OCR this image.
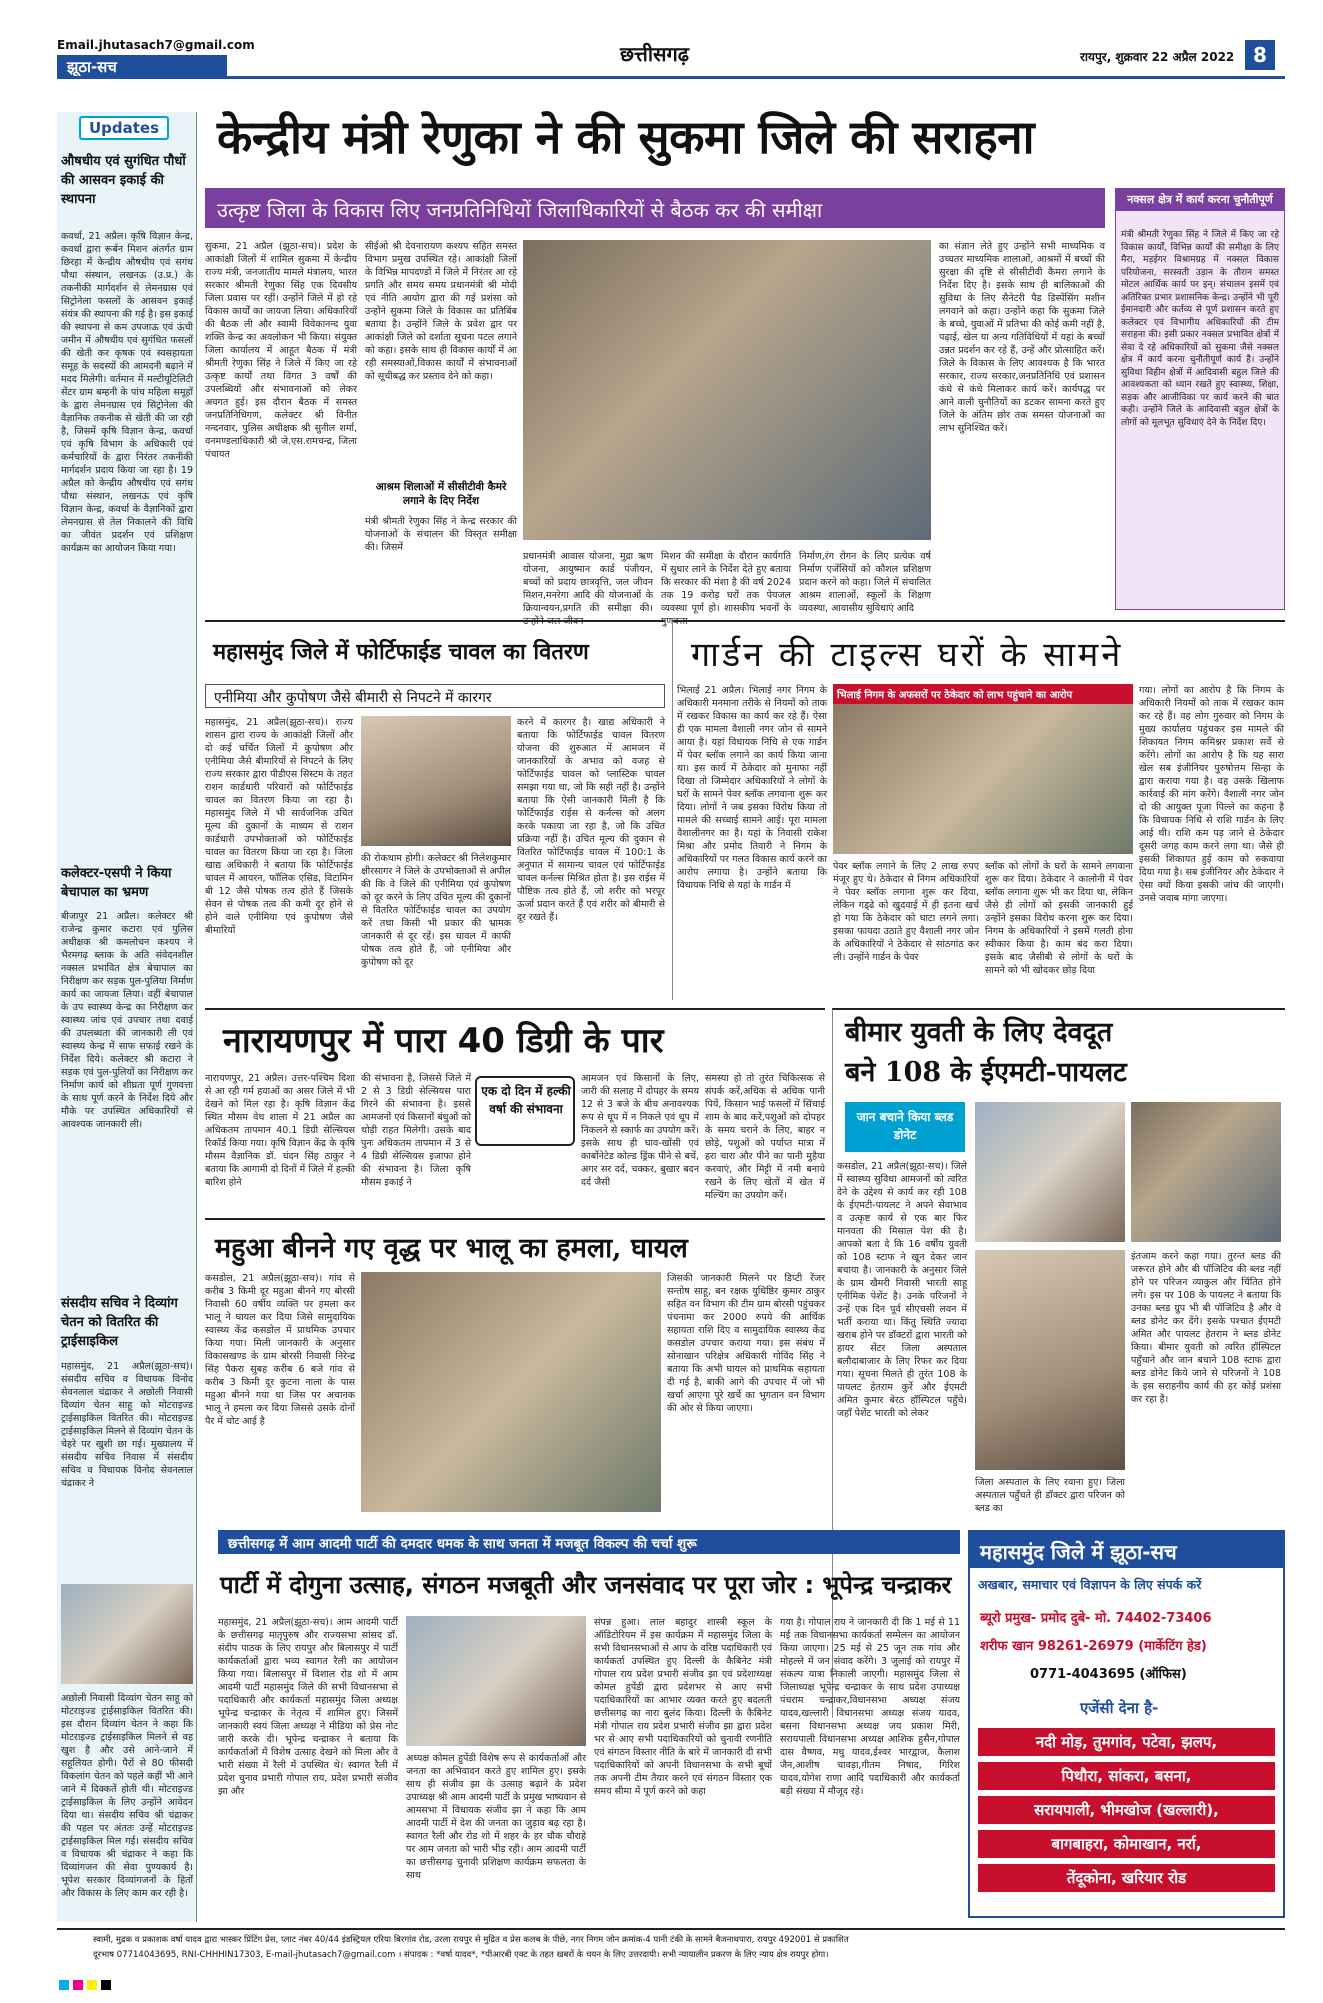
Email.jhutasach7@gmail.com
झूठा-सच
छत्तीसगढ़	रायपुर, शुक्रवार 22 अप्रैल 2022 8
Updates
औषधीय एवं सुगंधित पौधों की आसवन इकाई की स्थापना
कवर्धा, 21 अप्रैल। कृषि विज्ञान केन्द्र, कवर्धा द्वारा रूर्बन मिशन अंतर्गत ग्राम छिरहा में केन्द्रीय औषधीय एवं सगंध पौधा संस्थान, लखनऊ (उ.प्र.) के तकनीकी मार्गदर्शन से लेमनग्रास एवं सिट्रोनेला फसलों के आसवन इकाई संयंत्र की स्थापना की गई है। इस इकाई की स्थापना से कम उपजाऊ एवं ऊंची जमीन में औषधीय एवं सुगंधित फसलों की खेती कर कृषक एवं स्वसहायता समूह के सदस्यों की आमदनी बढ़ाने में मदद मिलेगी। वर्तमान में मल्टीयूटिलिटी सेंटर ग्राम बम्हनी के पांच महिला समूहों के द्वारा लेमनग्रास एवं सिट्रोनेला की वैज्ञानिक तकनीक से खेती की जा रही है, जिसमें कृषि विज्ञान केन्द्र, कवर्धा एवं कृषि विभाग के अधिकारी एवं कर्मचारियों के द्वारा निरंतर तकनीकी मार्गदर्शन प्रदाय किया जा रहा है। 19 अप्रैल को केन्द्रीय औषधीय एवं सगंध पौधा संस्थान, लखनऊ एवं कृषि विज्ञान केन्द्र, कवर्धा के वैज्ञानिकों द्वारा लेमनग्रास से तेल निकालने की विधि का जीवंत प्रदर्शन एवं प्रशिक्षण कार्यक्रम का आयोजन किया गया।
कलेक्टर-एसपी ने किया बेचापाल का भ्रमण
बीजापुर 21 अप्रैल। कलेक्टर श्री राजेन्द्र कुमार कटारा एवं पुलिस अधीक्षक श्री कमलोचन कश्यप ने भैरमगढ़ ब्लाक के अति संवेदनशील नक्सल प्रभावित क्षेत्र बेचापाल का निरीक्षण कर सड़क पुल-पुलिया निर्माण कार्य का जायजा लिया। वहीं बेचापाल के उप स्वास्थ्य केन्द्र का निरीक्षण कर स्वास्थ्य जांच एवं उपचार तथा दवाई की उपलब्धता की जानकारी ली एवं स्वास्थ्य केन्द्र में साफ सफाई रखने के निर्देश दिये। कलेक्टर श्री कटारा ने सड़क एवं पुल-पुलियों का निरीक्षण कर निर्माण कार्य को शीघ्रता पूर्ण गुणवत्ता के साथ पूर्ण करने के निर्देश दिये और मौके पर उपस्थित अधिकारियों से आवश्यक जानकारी ली।
संसदीय सचिव ने दिव्यांग चेतन को वितरित की ट्राईसाइकिल
महासमुंद, 21 अप्रैल(झूठा-सच)। संसदीय सचिव व विधायक विनोद सेवनलाल चंद्राकर ने अछोली निवासी दिव्यांग चेतन साहू को मोटराइज्ड ट्राईसाइकिल वितरित की। मोटराइज्ड ट्राईसाइकिल मिलने से दिव्यांग चेतन के चेहरे पर खुशी छा गई। मुख्यालय में संसदीय सचिव निवास में संसदीय सचिव व विधायक विनोद सेवनलाल चंद्राकर ने
अछोली निवासी दिव्यांग चेतन साहू को मोटराइज्ड ट्राईसाइकिल वितरित की। इस दौरान दिव्यांग चेतन ने कहा कि मोटराइज्ड ट्राईसाइकिल मिलने से वह खुश है और उसे आने-जाने में सहूलियत होगी। पैरों से 80 फीसदी विकलांग चेतन को पहले कहीं भी आने जाने में दिक्कतें होती थी। मोटराइज्ड ट्राईसाइकिल के लिए उन्होंने आवेदन दिया था। संसदीय सचिव श्री चंद्राकर की पहल पर अंततः उन्हें मोटराइज्ड ट्राईसाइकिल मिल गई। संसदीय सचिव व विधायक श्री चंद्राकर ने कहा कि दिव्यांगजन की सेवा पुण्यकार्य है। भूपेश सरकार दिव्यांगजनों के हितों और विकास के लिए काम कर रही है।
केन्द्रीय मंत्री रेणुका ने की सुकमा जिले की सराहना
उत्कृष्ट जिला के विकास लिए जनप्रतिनिधियों जिलाधिकारियों से बैठक कर की समीक्षा
सुकमा, 21 अप्रैल (झूठा-सच)। प्रदेश के आकांक्षी जिलों में शामिल सुकमा में केन्द्रीय राज्य मंत्री, जनजातीय मामले मंत्रालय, भारत सरकार श्रीमती रेणुका सिंह एक दिवसीय जिला प्रवास पर रहीं। उन्होंने जिले में हो रहे विकास कार्यों का जायजा लिया। अधिकारियों की बैठक ली और स्वामी विवेकानन्द युवा शक्ति केन्द्र का अवलोकन भी किया। संयुक्त जिला कार्यालय में आहूत बैठक में मंत्री श्रीमती रेणुका सिंह ने जिले में किए जा रहे उत्कृष्ट कार्यों तथा विगत 3 वर्षों की उपलब्धियों और संभावनाओं को लेकर अवगत हुई। इस दौरान बैठक में समस्त जनप्रतिनिधिगण, कलेक्टर श्री विनीत नन्दनवार, पुलिस अधीक्षक श्री सुनील शर्मा, वनमण्डलाधिकारी श्री जे.एस.रामचन्द्र, जिला पंचायत
सीईओ श्री देवनारायण कश्यप सहित समस्त विभाग प्रमुख उपस्थित रहे। आकांक्षी जिलों के विभिन्न मापदण्डों में जिले में निरंतर आ रहे प्रगति और समय समय प्रधानमंत्री श्री मोदी एवं नीति आयोग द्वारा की गई प्रशंसा को उन्होंने सुकमा जिले के विकास का प्रतिबिंब बताया है। उन्होंने जिले के प्रवेश द्वार पर आकांक्षी जिले को दर्शाता सूचना पटल लगाने को कहा। इसके साथ ही विकास कार्यों में आ रही समस्याओं,विकास कार्यों में संभावनाओं को सूचीबद्ध कर प्रस्ताव देने को कहा।
आश्रम शिलाओं में सीसीटीवी कैमरे लगाने के दिए निर्देश
मंत्री श्रीमती रेणुका सिंह ने केन्द्र सरकार की योजनाओं के संचालन की विस्तृत समीक्षा की। जिसमें
प्रधानमंत्री आवास योजना, मुद्रा ऋण योजना, आयुष्मान कार्ड पंजीयन, बच्चों को प्रदाय छात्रवृत्ति, जल जीवन मिशन,मनरेगा आदि की योजनाओं के क्रियान्वयन,प्रगति की समीक्षा की। उन्होंने जल जीवन
मिशन की समीक्षा के दौरान कार्यगति में सुधार लाने के निर्देश देते हुए बताया कि सरकार की मंशा है की वर्ष 2024 तक 19 करोड़ घरों तक पेयजल व्यवस्था पूर्ण हो। शासकीय भवनों के गुणवत्ता
निर्माण,रंग रोगन के लिए प्रत्येक वर्ष निर्माण एजेंसियों को कौशल प्रशिक्षण प्रदान करने को कहा। जिले में संचालित आश्रम शालाओं, स्कूलों के शिक्षण व्यवस्था, आवासीय सुविधाएं आदि
का संज्ञान लेते हुए उन्होंने सभी माध्यमिक व उच्चतर माध्यमिक शालाओं, आश्रमों में बच्चों की सुरक्षा की दृष्टि से सीसीटीवी कैमरा लगाने के निर्देश दिए है। इसके साथ ही बालिकाओं की सुविधा के लिए सैनेटरी पैड डिस्पेंसिंग मशीन लगवाने को कहा। उन्होंने कहा कि सुकमा जिले के बच्चे, युवाओं में प्रतिभा की कोई कमी नहीं है, पढ़ाई, खेल या अन्य गतिविधियों में यहां के बच्चों उन्नत प्रदर्शन कर रहे हैं, उन्हें और प्रोत्साहित करें। जिले के विकास के लिए आवश्यक है कि भारत सरकार, राज्य सरकार,जनप्रतिनिधि एवं प्रशासन कंधे से कंधे मिलाकर कार्य करें। कार्यपद्ध पर आने वाली चुनौतियों का डटकर सामना करते हुए जिले के अंतिम छोर तक समस्त योजनाओं का लाभ सुनिश्चित करें।
नक्सल क्षेत्र में कार्य करना चुनौतीपूर्ण
मंत्री श्रीमती रेणुका सिंह ने जिले में किए जा रहे विकास कार्यों, विभिन्न कार्यों की समीक्षा के लिए मैरा, मड़ईगर विश्रामग्रह में नक्सल विकास परियोजना, सरस्वती उड़ान के तौरान समस्त मोटल आर्थिक कार्य पर इन्। संचालन इसमें एवं अतिरिक्त प्रभार प्रशासनिक केन्द्र। उन्होंने भी पूरी ईमानदारी और कर्तव्य से पूर्ण प्रशासन करते हुए कलेक्टर एवं विभागीय अधिकारियों की टीम सराहना की। इसी प्रकार नक्सल प्रभावित क्षेत्रों में सेवा दे रहे अधिकारियों को सुकमा जैसे नक्सल क्षेत्र में कार्य करना चुनौतीपूर्ण कार्य है। उन्होंने सुविधा विहीन क्षेत्रों में आदिवासी बहुल जिले की आवश्यकता को ध्यान रखते हुए स्वास्थ्य, शिक्षा, सड़क और आजीविका पर कार्य करने की बात कही। उन्होंने जिले के आदिवासी बहुल क्षेत्रों के लोगों को मूलभूत सुविधाएं देने के निर्देश दिए।
महासमुंद जिले में फोर्टिफाईड चावल का वितरण
एनीमिया और कुपोषण जैसे बीमारी से निपटने में कारगर
महासमुंद, 21 अप्रैल(झूठा-सच)। राज्य शासन द्वारा राज्य के आकांक्षी जिलों और दो कई चर्चित जिलों में कुपोषण और एनीमिया जैसे बीमारियों से निपटने के लिए राज्य सरकार द्वारा पीडीएस सिस्टम के तहत राशन कार्डधारी परिवारों को फोर्टिफाईड चावल का वितरण किया जा रहा है। महासमुंद जिले में भी सार्वजनिक उचित मूल्य की दुकानों के माध्यम से राशन कार्डधारी उपभोक्ताओं को फोर्टिफाईड चावल का वितरण किया जा रहा है। जिला खाद्य अधिकारी ने बताया कि फोर्टिफाईड चावल में आयरन, फॉलिक एसिड, विटामिन बी 12 जैसे पोषक तत्व होते हैं जिसके सेवन से पोषक तत्व की कमी दूर होने से होने वाले एनीमिया एवं कुपोषण जैसे बीमारियों
की रोकथाम होगी। कलेक्टर श्री निलेशकुमार क्षीरसागर ने जिले के उपभोक्ताओं से अपील की कि वे जिले की एनीमिया एवं कुपोषण को दूर करने के लिए उचित मूल्य की दुकानों से वितरित फोर्टिफाईड चावल का उपयोग करें तथा किसी भी प्रकार की भ्रामक जानकारी से दूर रहें। इस चावल में काफी पोषक तत्व होते हैं, जो एनीमिया और कुपोषण को दूर
करने में कारगर है। खाद्य अधिकारी ने बताया कि फोर्टिफाईड चावल वितरण योजना की शुरुआत में आमजन में जानकारियों के अभाव को वजह से फोर्टिफाईड चावल को प्लास्टिक चावल समझा गया था, जो कि सही नहीं है। उन्होंने बताया कि ऐसी जानकारी मिली है कि फोर्टिफाईड राईस से कर्नल्स को अलग करके पकाया जा रहा है, जो कि उचित प्रक्रिया नहीं है। उचित मूल्य की दुकान से वितरित फोर्टिफाईड चावल में 100:1 के अनुपात में सामान्य चावल एवं फोर्टिफाईड चावल कर्नल्स मिश्रित होता है। इस राईस में पौष्टिक तत्व होते हैं, जो शरीर को भरपूर ऊर्जा प्रदान करते हैं एवं शरीर को बीमारी से दूर रखते हैं।
गार्डन की टाइल्स घरों के सामने
भिलाई 21 अप्रैल। भिलाई नगर निगम के अधिकारी मनमाना तरीके से नियमों को ताक में रखकर विकास का कार्य कर रहे हैं। ऐसा ही एक मामला वैशाली नगर जोन से सामने आया है। यहां विधायक निधि से एक गार्डन में पेवर ब्लॉक लगाने का कार्य किया जाना था। इस कार्य में ठेकेदार को मुनाफा नहीं दिखा तो जिम्मेदार अधिकारियों ने लोगों के घरों के सामने पेवर ब्लॉक लगवाना शुरू कर दिया। लोगों ने जब इसका विरोध किया तो मामले की सच्चाई सामने आई। पूरा मामला वैशालीनगर का है। यहां के निवासी राकेश मिश्रा और प्रमोद तिवारी ने निगम के अधिकारियों पर गलत विकास कार्य करने का आरोप लगाया है। उन्होंने बताया कि विधायक निधि से यहां के गार्डन में
भिलाई निगम के अफसरों पर ठेकेदार को लाभ पहुंचाने का आरोप
पेवर ब्लॉक लगाने के लिए 2 लाख रुपए मंजूर हुए थे। ठेकेदार से निगम अधिकारियों ने पेवर ब्लॉक लगाना शुरू कर दिया, लेकिन गड्‌ढे को खुदवाई में ही इतना खर्च हो गया कि ठेकेदार को घाटा लगने लगा। इसका फायदा उठाते हुए वैशाली नगर जोन के अधिकारियों ने ठेकेदार से सांठगांठ कर ली। उन्होंने गार्डन के पेवर
ब्लॉक को लोगों के घरों के सामने लगवाना शुरू कर दिया। ठेकेदार ने कालोनी में पेवर ब्लॉक लगाना शुरू भी कर दिया था, लेकिन जैसे ही लोगों को इसकी जानकारी हुई उन्होंने इसका विरोध करना शुरू कर दिया। निगम के अधिकारियों ने इसमें गलती होना स्वीकार किया है। काम बंद करा दिया। इसके बाद जैसीबी से लोगों के घरों के सामने को भी खोदकर छोड़ दिया
गया। लोगों का आरोप है कि निगम के अधिकारी नियमों को ताक में रखकर काम कर रहे हैं। वह लोग गुरुवार को निगम के मुख्य कार्यालय पहुंचकर इस मामले की शिकायत निगम कमिश्नर प्रकाश सर्वे से करेंगे। लोगों का आरोप है कि यह सारा खेल सब इंजीनियर पुरुषोत्तम सिन्हा के द्वारा कराया गया है। वह उसके खिलाफ कार्रवाई की मांग करेंगे। वैशाली नगर जोन दो की आयुक्त पूजा पिल्ले का कहना है कि विधायक निधि से राशि गार्डन के लिए आई थी। राशि कम पड़ जाने से ठेकेदार दूसरी जगह काम करने लगा था। जैसे ही इसकी शिकायत हुई काम को रुकवाया दिया गया है। सब इंजीनियर और ठेकेदार ने ऐसा क्यों किया इसकी जांच की जाएगी। उनसे जवाब मांगा जाएगा।
नारायणपुर में पारा 40 डिग्री के पार
नारायणपुर, 21 अप्रैल। उत्तर-पश्चिम दिशा से आ रही गर्म हवाओं का असर जिले में भी देखने को मिल रहा है। कृषि विज्ञान केंद्र स्थित मौसम वेध शाला में 21 अप्रैल का अधिकतम तापमान 40.1 डिग्री सेल्सियस रिकॉर्ड किया गया। कृषि विज्ञान केंद्र के कृषि मौसम वैज्ञानिक डॉ. चंदन सिंह ठाकुर ने बताया कि आगामी दो दिनों में जिले में हल्की बारिश होने
की संभावना है, जिससे जिले में 2 से 3 डिग्री सेल्सियस पारा गिरने की संभावना है। इससे आमजनों एवं किसानों बंधुओं को थोड़ी राहत मिलेगी। उसके बाद पुनः अधिकतम तापमान में 3 से 4 डिग्री सेल्सियस इजाफा होने की संभावना है। जिला कृषि मौसम इकाई ने
एक दो दिन में हल्की वर्षा की संभावना
आमजन एवं किसानों के लिए, जारी की सलाह में दोपहर के समय 12 से 3 बजे के बीच अनावश्यक रूप से धूप में न निकले एवं धूप में निकलने से स्कार्फ का उपयोग करें। इसके साथ ही घाव-खोंसी एवं कार्बोनेटेड कोल्ड ड्रिंक पीने से बचें, अगर सर दर्द, चक्कर, बुखार बदन दर्द जैसी
समस्या हो तो तुरंत चिकित्सक से संपर्क करें,अधिक से अधिक पानी पियें, किसान भाई फसलों में सिंचाई शाम के बाद करें,पशुओं को दोपहर के समय चराने के लिए, बाहर न छोड़े, पशुओं को पर्याप्त मात्रा में हरा चारा और पीने का पानी मुहैया करवाएं, और मिट्टी में नमी बनाये रखने के लिए खेतों में खेत में मल्चिंग का उपयोग करें।
बीमार युवती के लिए देवदूत
बने 108 के ईएमटी-पायलट
जान बचाने किया ब्लड डोनेट
कसडोल, 21 अप्रैल(झूठा-सच)। जिले में स्वास्थ्य सुविधा आमजनों को त्वरित देने के उद्देश्य से कार्य कर रही 108 के ईएमटी-पायलट ने अपने सेवाभाव व उत्कृष्ट कार्य से एक बार फिर मानवता की मिसाल पेश की है। आपको बता दे कि 16 वर्षीय युवती को 108 स्टाफ ने खून देकर जान बचाया है। जानकारी के अनुसार जिले के ग्राम खैमरी निवासी भारती साहू एनीमिक पेशेंट है। उनके परिजनों ने उन्हें एक दिन पूर्व सीएचसी लवन में भर्ती कराया था। किंतु स्थिति ज्यादा खराब होने पर डॉक्टरों द्वारा भारती को हायर सेंटर जिला अस्पताल बलौदाबाजार के लिए रिफर कर दिया गया। सूचना मिलते ही तुरंत 108 के पायलट हेतराम कुर्रे और ईएमटी अमित कुमार बेरठ हॉस्पिटल पहुँचे। जहाँ पेशेंट भारती को लेकर
जिला अस्पताल के लिए रवाना हुए। जिला अस्पताल पहुँचते ही डॉक्टर द्वारा परिजन को ब्लड का
इंतजाम करने कहा गया। तुरन्त ब्लड की जरूरत होने और बी पॉजिटिव की ब्लड नहीं होने पर परिजन व्याकुल और चिंतित होने लगे। इस पर 108 के पायलट ने बताया कि उनका ब्लड ग्रुप भी बी पॉजिटिव है और वे ब्लड डोनेट कर देंगे। इसके पश्चात ईएमटी अमित और पायलट हेतराम ने ब्लड डोनेट किया। बीमार युवती को त्वरित हॉस्पिटल पहुँचाने और जान बचाने 108 स्टाफ द्वारा ब्लड डोनेट किये जाने से परिजनों ने 108 के इस सराहनीय कार्य की हर कोई प्रशंसा कर रहा है।
महुआ बीनने गए वृद्ध पर भालू का हमला, घायल
कसडोल, 21 अप्रैल(झूठा-सच)। गांव से करीब 3 किमी दूर महुआ बीनने गए बोरसी निवासी 60 वर्षीय व्यक्ति पर हमला कर भालू ने घायल कर दिया जिसे सामुदायिक स्वास्थ्य केंद्र कसडोल में प्राथमिक उपचार किया गया। मिली जानकारी के अनुसार विकासखण्ड के ग्राम बोरसी निवासी निरेन्द्र सिंह पैकरा सुबह करीब 6 बजे गांव से करीब 3 किमी दूर कुटना नाला के पास महुआ बीनने गया था जिस पर अचानक भालू ने हमला कर दिया जिससे उसके दोनों पैर में चोट आई है
जिसकी जानकारी मिलने पर डिप्टी रेंजर सन्तोष साहू, बन रक्षक युधिष्ठिर कुमार ठाकुर सहित वन विभाग की टीम ग्राम बोरसी पहुंचकर पंचनामा कर 2000 रुपये की आर्थिक सहायता राशि दिए व सामुदायिक स्वास्थ्य केंद्र कसडोल उपचार कराया गया। इस संबंध में सोनाखान परिक्षेत्र अधिकारी गोविंद सिंह ने बताया कि अभी घायल को प्राथमिक सहायता दी गई है, बाकी आगे की उपचार में जो भी खर्चा आएगा पूरे खर्चे का भुगतान वन विभाग की ओर से किया जाएगा।
छत्तीसगढ़ में आम आदमी पार्टी की दमदार धमक के साथ जनता में मजबूत विकल्प की चर्चा शुरू
पार्टी में दोगुना उत्साह, संगठन मजबूती और जनसंवाद पर पूरा जोर : भूपेन्द्र चन्द्राकर
महासमुंद, 21 अप्रैल(झूठा-सच)। आम आदमी पार्टी के छत्तीसगढ़ मातृपुरुष और राज्यसभा सांसद डॉ. संदीप पाठक के लिए रायपुर और बिलासपुर में पार्टी कार्यकर्ताओं द्वारा भव्य स्वागत रैली का आयोजन किया गया। बिलासपुर में विशाल रोड शो में आम आदमी पार्टी महासमुंद जिले की सभी विधानसभा से पदाधिकारी और कार्यकर्ता महासमुंद जिला अध्यक्ष भूपेन्द्र चन्द्राकर के नेतृत्व में शामिल हुए। जिसमें जानकारी स्वयं जिला अध्यक्ष ने मीडिया को प्रेस नोट जारी करके दी। भूपेन्द्र चन्द्राकर ने बताया कि कार्यकर्ताओं में विशेष उत्साह देखने को मिला और वे भारी संख्या में रैली में उपस्थित थे। स्वागत रैली में प्रदेश चुनाव प्रभारी गोपाल राय, प्रदेश प्रभारी संजीव झा और
अध्यक्ष कोमल हुपेंडी विशेष रूप से कार्यकर्ताओं और जनता का अभिवादन करते हुए शामिल हुए। इसके साथ ही संजीव झा के उत्साह बढ़ाने के प्रदेश उपाध्यक्ष श्री आम आदमी पार्टी के प्रमुख भाष्यवान से आमसभा में विधायक संजीव झा ने कहा कि आम आदमी पार्टी में देश की जनता का जुड़ाव बढ़ रहा है। स्वागत रैली और रोड शो में शहर के हर चौक चौराहे पर आम जनता को भारी भीड़ रही। आम आदमी पार्टी का छत्तीसगढ़ चुनावी प्रशिक्षण कार्यक्रम सफलता के साथ
संपन्न हुआ। लाल बहादुर शास्त्री स्कूल के ऑडिटोरियम में इस कार्यक्रम में महासमुंद जिला के सभी विधानसभाओं से आप के वरिष्ठ पदाधिकारी एवं कार्यकर्ता उपस्थित हुए दिल्ली के कैबिनेट मंत्री गोपाल राय प्रदेश प्रभारी संजीव झा एवं प्रदेशाध्यक्ष कोमल हुपेंडी द्वारा प्रदेशभर से आए सभी पदाधिकारियों का आभार व्यक्त करते हुए बदलती छत्तीसगढ़ का नारा बुलंद किया। दिल्ली के कैबिनेट मंत्री गोपाल राय प्रदेश प्रभारी संजीव झा द्वारा प्रदेश भर से आए सभी पदाधिकारियों को चुनावी रणनीति एवं संगठन विस्तार नीति के बारे में जानकारी दी सभी पदाधिकारियों को अपनी विधानसभा के सभी बूथों तक अपनी टीम तैयार करने एवं संगठन विस्तार एक समय सीमा में पूर्ण करने को कहा
गया है। गोपाल राय ने जानकारी दी कि 1 मई से 11 मई तक विधानसभा कार्यकर्ता सम्मेलन का आयोजन किया जाएगा। 25 मई से 25 जून तक गांव और मोहल्ले में जन संवाद करेंगे। 3 जुलाई को रायपुर में संकल्प यात्रा निकाली जाएगी। महासमुंद जिला से जिलाध्यक्ष भूपेन्द्र चन्द्राकर के साथ प्रदेश उपाध्यक्ष पंचराम चन्द्राकर,विधानसभा अध्यक्ष संजय यादव,खल्लारी विधानसभा अध्यक्ष संजय यादव, बसना विधानसभा अध्यक्ष जय प्रकाश मिरी, सरायपाली विधानसभा अध्यक्ष आशिक हुसैन,गोपाल दास वैष्णव, मधु यादव,ईश्वर भारद्वाज, कैलाश जैन,आशीष चावड़ा,गीतम निषाद, गिरिश यादव,योगेश राणा आदि पदाधिकारी और कार्यकर्ता बड़ी संख्या में मौजूद रहे।
महासमुंद जिले में झूठा-सच
अखबार, समाचार एवं विज्ञापन के लिए संपर्क करें
ब्यूरो प्रमुख- प्रमोद दुबे- मो. 74402-73406
शरीफ खान 98261-26979 (मार्केटिंग हेड)
0771-4043695 (ऑफिस)
एजेंसी देना है-
नदी मोड़, तुमगांव, पटेवा, झलप,
पिथौरा, सांकरा, बसना,
सरायपाली, भीमखोज (खल्लारी),
बागबाहरा, कोमाखान, नर्रा,
तेंदूकोना, खरियार रोड
स्वामी, मुद्रक व प्रकाशक वर्षा यादव द्वारा भास्कर प्रिंटिंग प्रेस, प्लाट नंबर 40/44 इंडस्ट्रियल एरिया बिरगांव रोड, उरला रायपुर से मुद्रित व प्रेस कलब के पीछे, नगर निगम जोन क्रमांक-4 पानी टंकी के सामने बैजनाथपारा, रायपुर 492001 से प्रकाशित
दूरभाष 07714043695, RNI-CHHHIN17303, E-mail-jhutasach7@gmail.com । संपादक : *वर्षा यादव*, *पीआरबी एक्ट के तहत खबरों के चयन के लिए उत्तरदायी। सभी न्यायालीन प्रकरण के लिए न्याय क्षेत्र रायपुर होगा।
